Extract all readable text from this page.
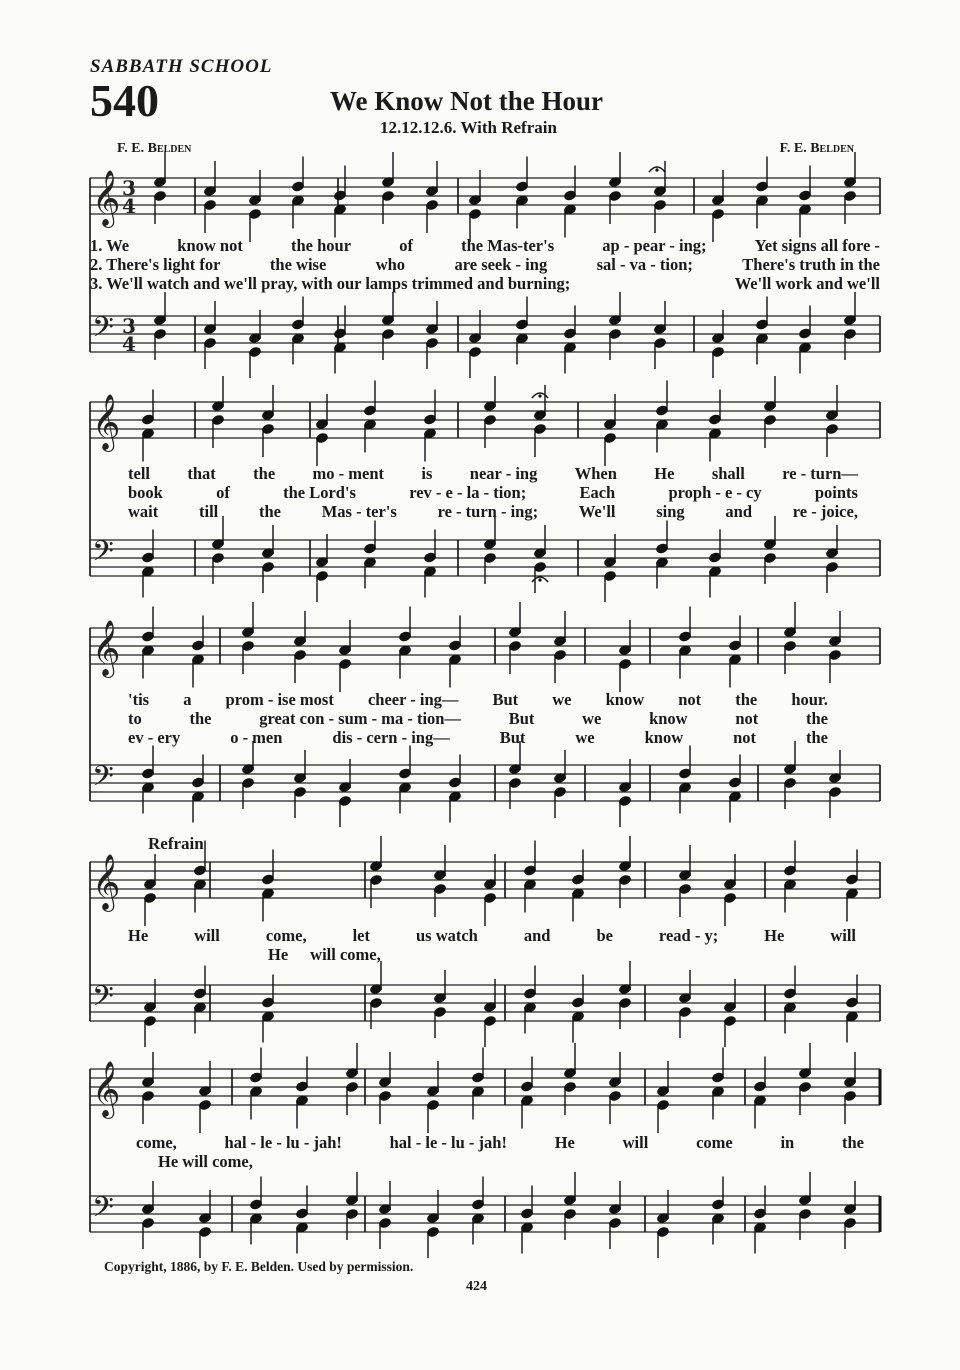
SABBATH SCHOOL
540	We Know Not the Hour
12.12.12.6. With Refrain
F. E. Belden	F. E. Belden
𝄞 3
4
𝄢 3
4
𝄞
𝄢
𝄞
𝄢
𝄞
𝄢
𝄞
𝄢
1. We	know not	the hour	of	the Mas-ter's	ap - pear - ing;	Yet signs all fore -
2. There's light for	the wise	who	are seek - ing	sal - va - tion;	There's truth in the
3. We'll watch and we'll pray, with our lamps trimmed and burning;	We'll work and we'll
tell that the mo - ment is near - ing When He shall re - turn—
book	of	the Lord's	rev - e - la - tion;	Each	proph - e - cy	points
wait till the Mas - ter's re - turn - ing; We'll sing and re - joice,
'tis a prom - ise most cheer - ing— But we know not the hour.
to	the	great con - sum - ma - tion—	But	we	know	not	the
ev - ery	o - men	dis - cern - ing—	But	we	know	not	the
Refrain
He	will	come,	let	us watch	and	be	read - y;	He	will
He will come,
come,	hal - le - lu - jah!	hal - le - lu - jah!	He	will	come	in	the
He will come,
Copyright, 1886, by F. E. Belden. Used by permission.
424
